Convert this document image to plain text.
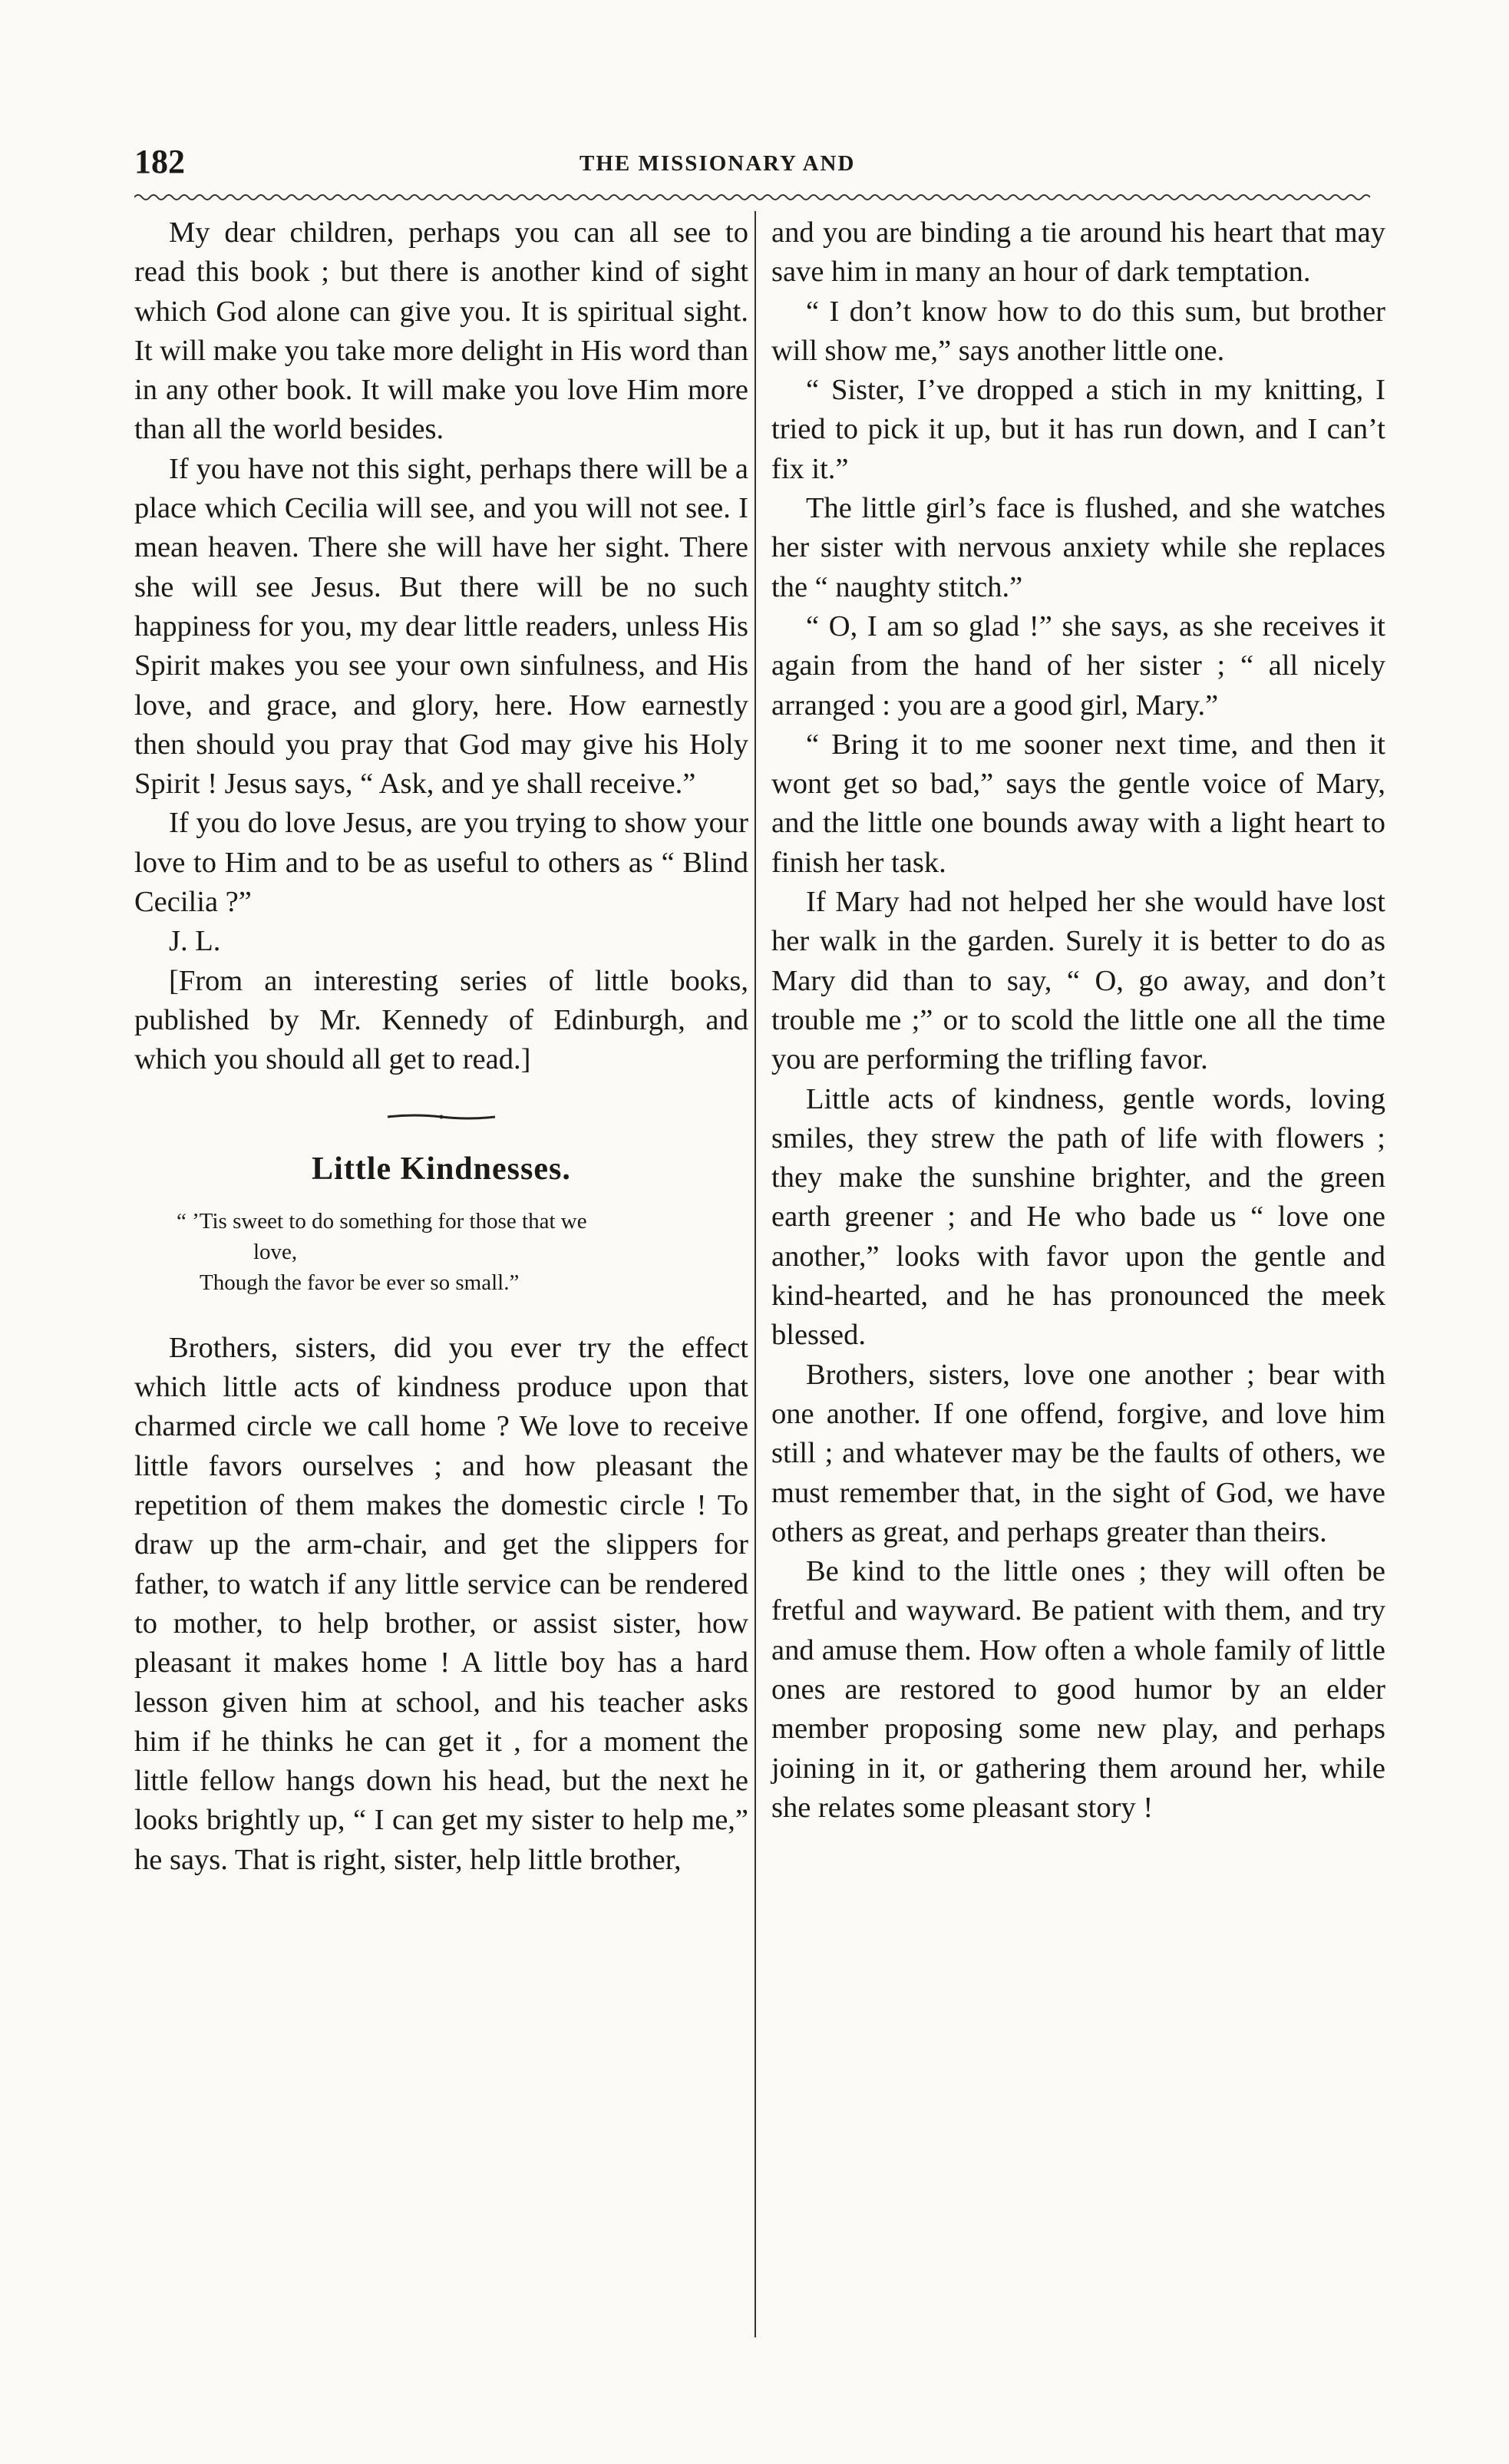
182	THE MISSIONARY AND

My dear children, perhaps you can all see to read this book ; but there is another kind of sight which God alone can give you. It is spiritual sight. It will make you take more delight in His word than in any other book. It will make you love Him more than all the world besides.

If you have not this sight, perhaps there will be a place which Cecilia will see, and you will not see. I mean heaven. There she will have her sight. There she will see Jesus. But there will be no such happiness for you, my dear little readers, unless His Spirit makes you see your own sinfulness, and His love, and grace, and glory, here. How earnestly then should you pray that God may give his Holy Spirit ! Jesus says, “ Ask, and ye shall receive.”

If you do love Jesus, are you trying to show your love to Him and to be as useful to others as “ Blind Cecilia ?”

J. L.

[From an interesting series of little books, published by Mr. Kennedy of Edinburgh, and which you should all get to read.]

Little Kindnesses.

“ ’Tis sweet to do something for those that we

love,

Though the favor be ever so small.”

Brothers, sisters, did you ever try the effect which little acts of kindness produce upon that charmed circle we call home ? We love to receive little favors ourselves ; and how pleasant the repetition of them makes the domestic circle ! To draw up the arm-chair, and get the slippers for father, to watch if any little service can be rendered to mother, to help brother, or assist sister, how pleasant it makes home ! A little boy has a hard lesson given him at school, and his teacher asks him if he thinks he can get it , for a moment the little fellow hangs down his head, but the next he looks brightly up, “ I can get my sister to help me,” he says. That is right, sister, help little brother,

and you are binding a tie around his heart that may save him in many an hour of dark temptation.

“ I don’t know how to do this sum, but brother will show me,” says another little one.

“ Sister, I’ve dropped a stich in my knitting, I tried to pick it up, but it has run down, and I can’t fix it.”

The little girl’s face is flushed, and she watches her sister with nervous anxiety while she replaces the “ naughty stitch.”

“ O, I am so glad !” she says, as she receives it again from the hand of her sister ; “ all nicely arranged : you are a good girl, Mary.”

“ Bring it to me sooner next time, and then it wont get so bad,” says the gentle voice of Mary, and the little one bounds away with a light heart to finish her task.

If Mary had not helped her she would have lost her walk in the garden. Surely it is better to do as Mary did than to say, “ O, go away, and don’t trouble me ;” or to scold the little one all the time you are performing the trifling favor.

Little acts of kindness, gentle words, loving smiles, they strew the path of life with flowers ; they make the sunshine brighter, and the green earth greener ; and He who bade us “ love one another,” looks with favor upon the gentle and kind-hearted, and he has pronounced the meek blessed.

Brothers, sisters, love one another ; bear with one another. If one offend, forgive, and love him still ; and whatever may be the faults of others, we must remember that, in the sight of God, we have others as great, and perhaps greater than theirs.

Be kind to the little ones ; they will often be fretful and wayward. Be patient with them, and try and amuse them. How often a whole family of little ones are restored to good humor by an elder member proposing some new play, and perhaps joining in it, or gathering them around her, while she relates some pleasant story !
